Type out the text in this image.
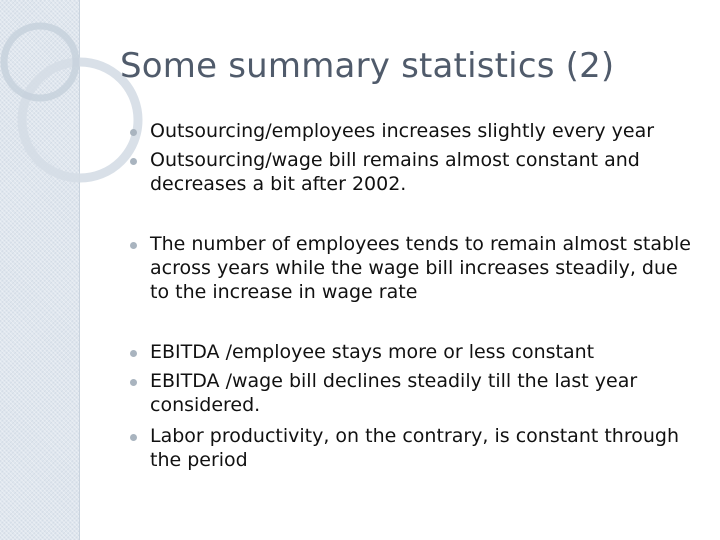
Some summary statistics (2)
Outsourcing/employees increases slightly every year
Outsourcing/wage bill remains almost constant and decreases a bit after 2002.
The number of employees tends to remain almost stable across years while the wage bill increases steadily, due to the increase in wage rate
EBITDA /employee stays more or less constant
EBITDA /wage bill declines steadily till the last year considered.
Labor productivity, on the contrary, is constant through the period
